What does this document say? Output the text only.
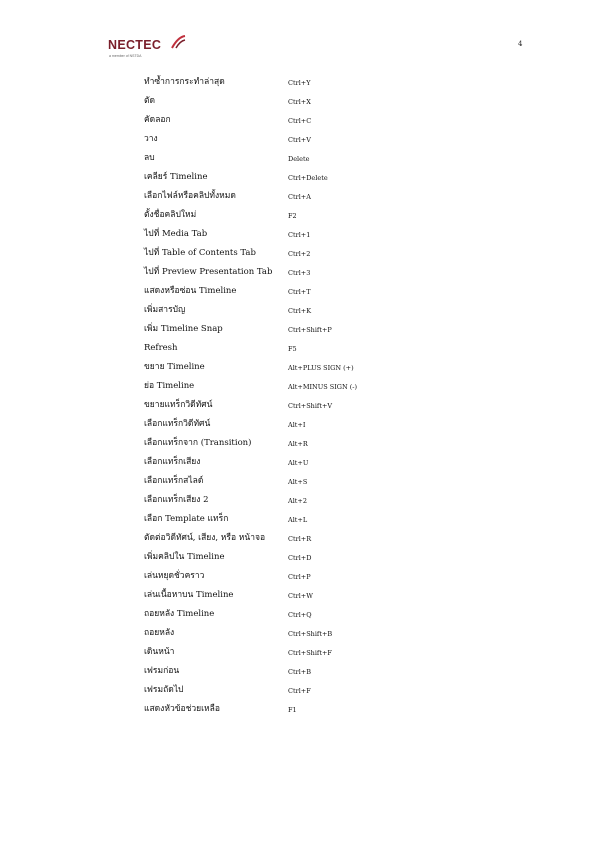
NECTEC
a member of NSTDA
4
ทำซ้ำการกระทำล่าสุด	Ctrl+Y
ตัด	Ctrl+X
คัดลอก	Ctrl+C
วาง	Ctrl+V
ลบ	Delete
เคลียร์ Timeline	Ctrl+Delete
เลือกไฟล์หรือคลิปทั้งหมด	Ctrl+A
ตั้งชื่อคลิปใหม่	F2
ไปที่ Media Tab	Ctrl+1
ไปที่ Table of Contents Tab	Ctrl+2
ไปที่ Preview Presentation Tab Ctrl+3
แสดงหรือซ่อน Timeline	Ctrl+T
เพิ่มสารบัญ	Ctrl+K
เพิ่ม Timeline Snap	Ctrl+Shift+P
Refresh	F5
ขยาย Timeline	Alt+PLUS SIGN (+)
ย่อ Timeline	Alt+MINUS SIGN (-)
ขยายแทร็กวิดีทัศน์	Ctrl+Shift+V
เลือกแทร็กวิดีทัศน์	Alt+I
เลือกแทร็กจาก (Transition)	Alt+R
เลือกแทร็กเสียง	Alt+U
เลือกแทร็กสไลด์	Alt+S
เลือกแทร็กเสียง 2	Alt+2
เลือก Template แทร็ก	Alt+L
ตัดต่อวิดีทัศน์, เสียง, หรือ หน้าจอ	Ctrl+R
เพิ่มคลิปใน Timeline	Ctrl+D
เล่นหยุดชั่วคราว	Ctrl+P
เล่นเนื้อหาบน Timeline	Ctrl+W
ถอยหลัง Timeline	Ctrl+Q
ถอยหลัง	Ctrl+Shift+B
เดินหน้า	Ctrl+Shift+F
เฟรมก่อน	Ctrl+B
เฟรมถัดไป	Ctrl+F
แสดงหัวข้อช่วยเหลือ	F1
